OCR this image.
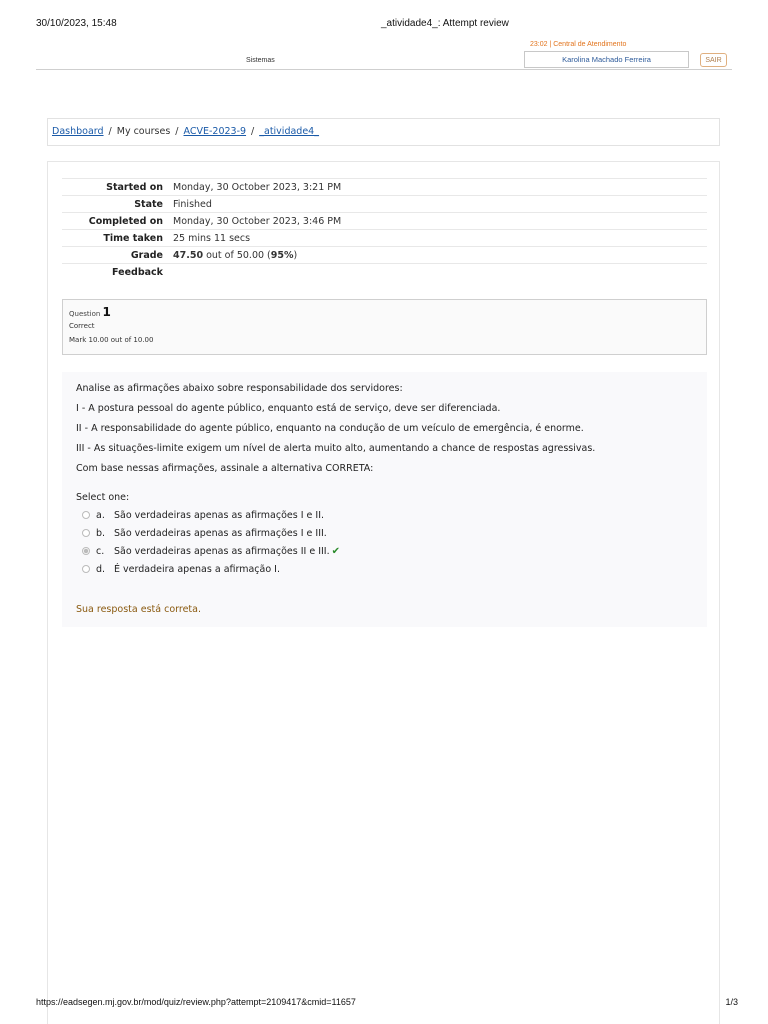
30/10/2023, 15:48	_atividade4_: Attempt review
Sistemas
23:02 | Central de Atendimento
Karolina Machado Ferreira	SAIR
Dashboard / My courses / ACVE-2023-9 / _atividade4_
Started on	Monday, 30 October 2023, 3:21 PM
State	Finished
Completed on	Monday, 30 October 2023, 3:46 PM
Time taken	25 mins 11 secs
Grade	47.50 out of 50.00 (95%)
Feedback	
Question 1
Correct
Mark 10.00 out of 10.00

Analise as afirmações abaixo sobre responsabilidade dos servidores:

I - A postura pessoal do agente público, enquanto está de serviço, deve ser diferenciada.

II - A responsabilidade do agente público, enquanto na condução de um veículo de emergência, é enorme.

III - As situações-limite exigem um nível de alerta muito alto, aumentando a chance de respostas agressivas.

Com base nessas afirmações, assinale a alternativa CORRETA:

Select one:
a. São verdadeiras apenas as afirmações I e II.
b. São verdadeiras apenas as afirmações I e III.
c.	São verdadeiras apenas as afirmações II e III. ✔
d. É verdadeira apenas a afirmação I.
Sua resposta está correta.
https://eadsegen.mj.gov.br/mod/quiz/review.php?attempt=2109417&cmid=11657	1/3
